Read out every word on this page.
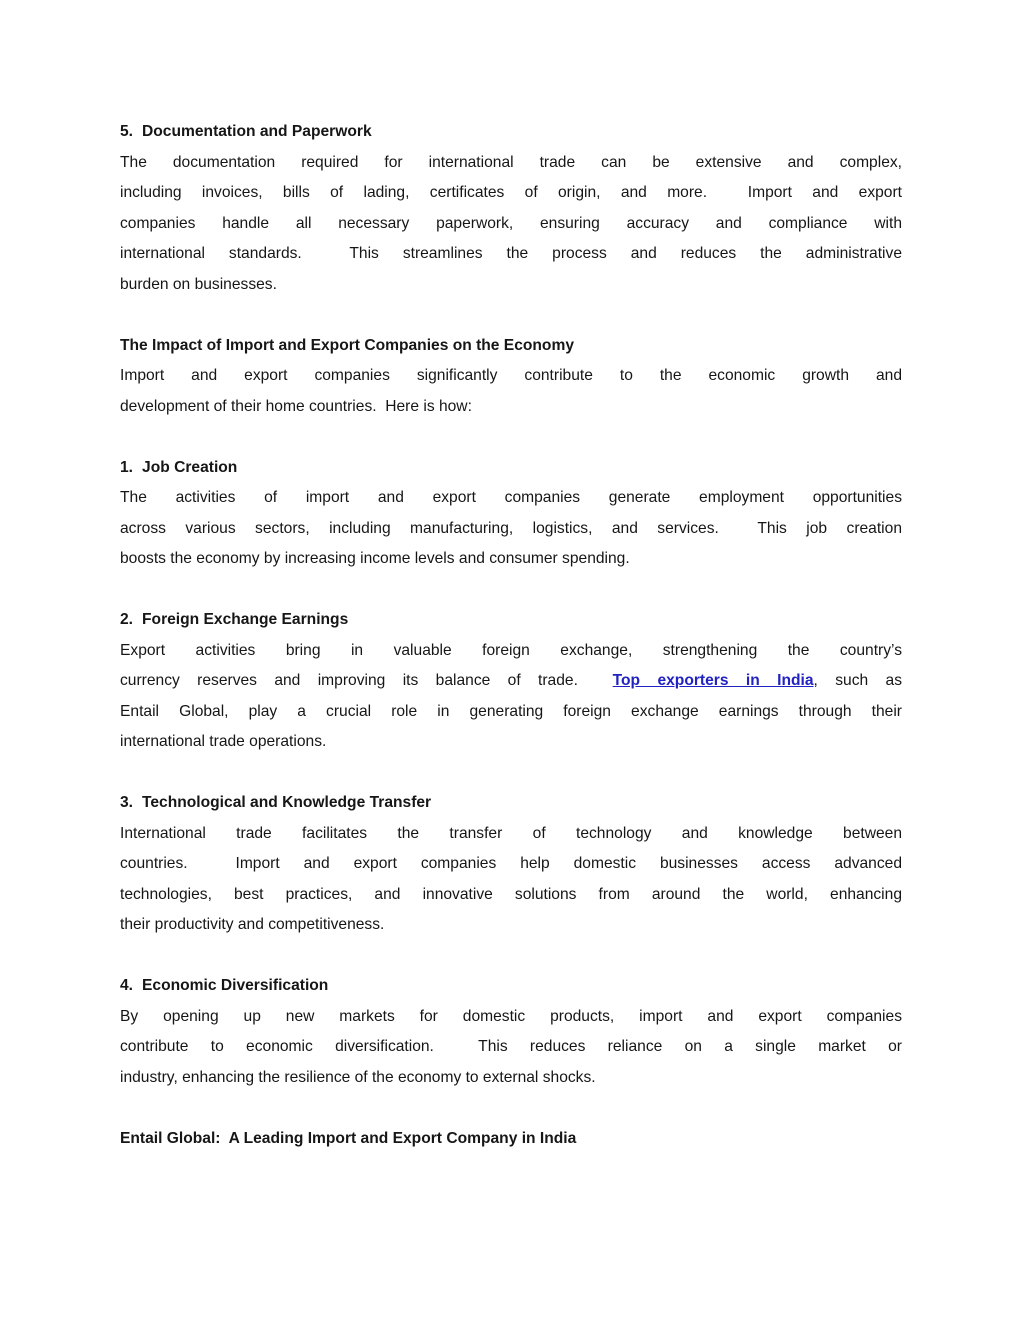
5. Documentation and Paperwork
The documentation required for international trade can be extensive and complex,
including invoices, bills of lading, certificates of origin, and more.  Import and export
companies handle all necessary paperwork, ensuring accuracy and compliance with
international standards.  This streamlines the process and reduces the administrative
burden on businesses.
The Impact of Import and Export Companies on the Economy
Import and export companies significantly contribute to the economic growth and
development of their home countries.  Here is how:
1. Job Creation
The activities of import and export companies generate employment opportunities
across various sectors, including manufacturing, logistics, and services.  This job creation
boosts the economy by increasing income levels and consumer spending.
2. Foreign Exchange Earnings
Export activities bring in valuable foreign exchange, strengthening the country’s
currency reserves and improving its balance of trade.  Top exporters in India, such as
Entail Global, play a crucial role in generating foreign exchange earnings through their
international trade operations.
3. Technological and Knowledge Transfer
International trade facilitates the transfer of technology and knowledge between
countries.  Import and export companies help domestic businesses access advanced
technologies, best practices, and innovative solutions from around the world, enhancing
their productivity and competitiveness.
4. Economic Diversification
By opening up new markets for domestic products, import and export companies
contribute to economic diversification.  This reduces reliance on a single market or
industry, enhancing the resilience of the economy to external shocks.
Entail Global:  A Leading Import and Export Company in India
